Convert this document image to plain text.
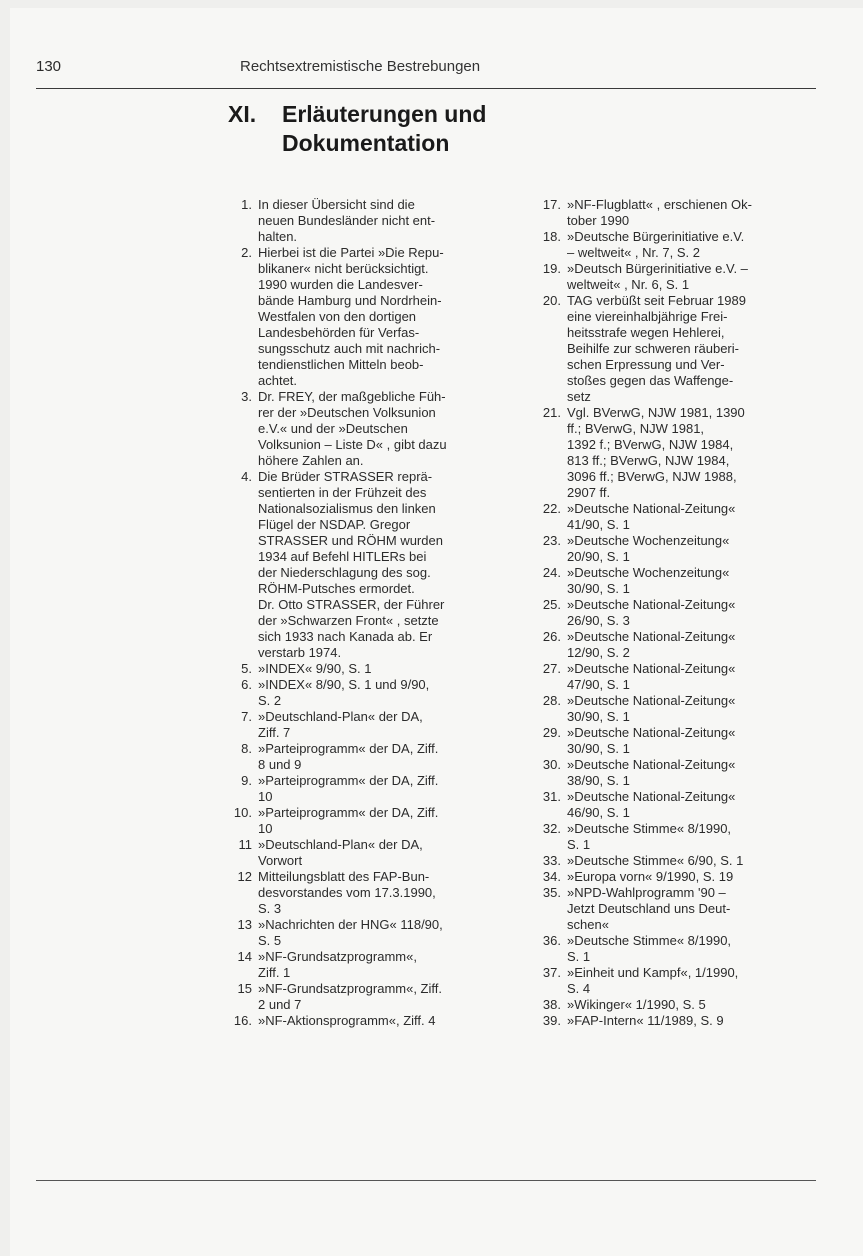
130	Rechtsextremistische Bestrebungen
XI. Erläuterungen und
Dokumentation
1. In dieser Übersicht sind die
neuen Bundesländer nicht ent-
halten.
2. Hierbei ist die Partei »Die Repu-
blikaner« nicht berücksichtigt.
1990 wurden die Landesver-
bände Hamburg und Nordrhein-
Westfalen von den dortigen
Landesbehörden für Verfas-
sungsschutz auch mit nachrich-
tendienstlichen Mitteln beob-
achtet.
3. Dr. FREY, der maßgebliche Füh-
rer der »Deutschen Volksunion
e.V.« und der »Deutschen
Volksunion – Liste D« , gibt dazu
höhere Zahlen an.
4. Die Brüder STRASSER reprä-
sentierten in der Frühzeit des
Nationalsozialismus den linken
Flügel der NSDAP. Gregor
STRASSER und RÖHM wurden
1934 auf Befehl HITLERs bei
der Niederschlagung des sog.
RÖHM-Putsches ermordet.
Dr. Otto STRASSER, der Führer
der »Schwarzen Front« , setzte
sich 1933 nach Kanada ab. Er
verstarb 1974.
5. »INDEX« 9/90, S. 1
6. »INDEX« 8/90, S. 1 und 9/90,
S. 2
7. »Deutschland-Plan« der DA,
Ziff. 7
8. »Parteiprogramm« der DA, Ziff.
8 und 9
9. »Parteiprogramm« der DA, Ziff.
10
10. »Parteiprogramm« der DA, Ziff.
10
11 »Deutschland-Plan« der DA,
Vorwort
12 Mitteilungsblatt des FAP-Bun-
desvorstandes vom 17.3.1990,
S. 3
13 »Nachrichten der HNG« 118/90,
S. 5
14 »NF-Grundsatzprogramm«,
Ziff. 1
15 »NF-Grundsatzprogramm«, Ziff.
2 und 7
16. »NF-Aktionsprogramm«, Ziff. 4
17. »NF-Flugblatt« , erschienen Ok-
tober 1990
18. »Deutsche Bürgerinitiative e.V.
– weltweit« , Nr. 7, S. 2
19. »Deutsch Bürgerinitiative e.V. –
weltweit« , Nr. 6, S. 1
20. TAG verbüßt seit Februar 1989
eine viereinhalbjährige Frei-
heitsstrafe wegen Hehlerei,
Beihilfe zur schweren räuberi-
schen Erpressung und Ver-
stoßes gegen das Waffenge-
setz
21. Vgl. BVerwG, NJW 1981, 1390
ff.; BVerwG, NJW 1981,
1392 f.; BVerwG, NJW 1984,
813 ff.; BVerwG, NJW 1984,
3096 ff.; BVerwG, NJW 1988,
2907 ff.
22. »Deutsche National-Zeitung«
41/90, S. 1
23. »Deutsche Wochenzeitung«
20/90, S. 1
24. »Deutsche Wochenzeitung«
30/90, S. 1
25. »Deutsche National-Zeitung«
26/90, S. 3
26. »Deutsche National-Zeitung«
12/90, S. 2
27. »Deutsche National-Zeitung«
47/90, S. 1
28. »Deutsche National-Zeitung«
30/90, S. 1
29. »Deutsche National-Zeitung«
30/90, S. 1
30. »Deutsche National-Zeitung«
38/90, S. 1
31. »Deutsche National-Zeitung«
46/90, S. 1
32. »Deutsche Stimme« 8/1990,
S. 1
33. »Deutsche Stimme« 6/90, S. 1
34. »Europa vorn« 9/1990, S. 19
35. »NPD-Wahlprogramm '90 –
Jetzt Deutschland uns Deut-
schen«
36. »Deutsche Stimme« 8/1990,
S. 1
37. »Einheit und Kampf«, 1/1990,
S. 4
38. »Wikinger« 1/1990, S. 5
39. »FAP-Intern« 11/1989, S. 9
